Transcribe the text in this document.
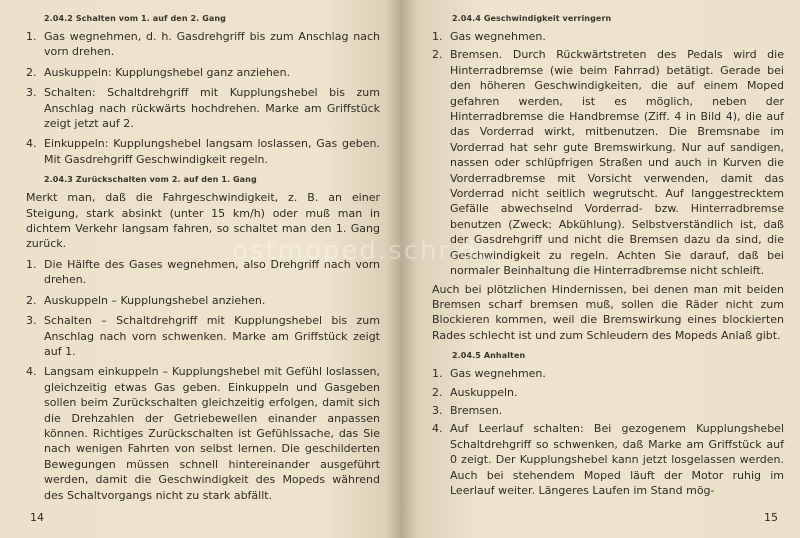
2.04.2 Schalten vom 1. auf den 2. Gang
1. Gas wegnehmen, d. h. Gasdrehgriff bis zum Anschlag nach vorn drehen.
2. Auskuppeln: Kupplungshebel ganz anziehen.
3. Schalten: Schaltdrehgriff mit Kupplungshebel bis zum Anschlag nach rückwärts hochdrehen. Marke am Griffstück zeigt jetzt auf 2.
4. Einkuppeln: Kupplungshebel langsam loslassen, Gas geben. Mit Gasdrehgriff Geschwindigkeit regeln.
2.04.3 Zurückschalten vom 2. auf den 1. Gang
Merkt man, daß die Fahrgeschwindigkeit, z. B. an einer Steigung, stark absinkt (unter 15 km/h) oder muß man in dichtem Verkehr langsam fahren, so schaltet man den 1. Gang zurück.
1. Die Hälfte des Gases wegnehmen, also Drehgriff nach vorn drehen.
2. Auskuppeln – Kupplungshebel anziehen.
3. Schalten – Schaltdrehgriff mit Kupplungshebel bis zum Anschlag nach vorn schwenken. Marke am Griffstück zeigt auf 1.
4. Langsam einkuppeln – Kupplungshebel mit Gefühl loslassen, gleichzeitig etwas Gas geben. Einkuppeln und Gasgeben sollen beim Zurückschalten gleichzeitig erfolgen, damit sich die Drehzahlen der Getriebewellen einander anpassen können. Richtiges Zurückschalten ist Gefühlssache, das Sie nach wenigen Fahrten von selbst lernen. Die geschilderten Bewegungen müssen schnell hintereinander ausgeführt werden, damit die Geschwindigkeit des Mopeds während des Schaltvorgangs nicht zu stark abfällt.
14
2.04.4 Geschwindigkeit verringern
1. Gas wegnehmen.
2. Bremsen. Durch Rückwärtstreten des Pedals wird die Hinterradbremse (wie beim Fahrrad) betätigt. Gerade bei den höheren Geschwindigkeiten, die auf einem Moped gefahren werden, ist es möglich, neben der Hinterradbremse die Handbremse (Ziff. 4 in Bild 4), die auf das Vorderrad wirkt, mitbenutzen. Die Bremsnabe im Vorderrad hat sehr gute Bremswirkung. Nur auf sandigen, nassen oder schlüpfrigen Straßen und auch in Kurven die Vorderradbremse mit Vorsicht verwenden, damit das Vorderrad nicht seitlich wegrutscht. Auf langgestrecktem Gefälle abwechselnd Vorderrad- bzw. Hinterradbremse benutzen (Zweck: Abkühlung). Selbstverständlich ist, daß der Gasdrehgriff und nicht die Bremsen dazu da sind, die Geschwindigkeit zu regeln. Achten Sie darauf, daß bei normaler Beinhaltung die Hinterradbremse nicht schleift.
Auch bei plötzlichen Hindernissen, bei denen man mit beiden Bremsen scharf bremsen muß, sollen die Räder nicht zum Blockieren kommen, weil die Bremswirkung eines blockierten Rades schlecht ist und zum Schleudern des Mopeds Anlaß gibt.
2.04.5 Anhalten
1. Gas wegnehmen.
2. Auskuppeln.
3. Bremsen.
4. Auf Leerlauf schalten: Bei gezogenem Kupplungshebel Schaltdrehgriff so schwenken, daß Marke am Griffstück auf 0 zeigt. Der Kupplungshebel kann jetzt losgelassen werden. Auch bei stehendem Moped läuft der Motor ruhig im Leerlauf weiter. Längeres Laufen im Stand mög-
15
ostmoped.schr.de
